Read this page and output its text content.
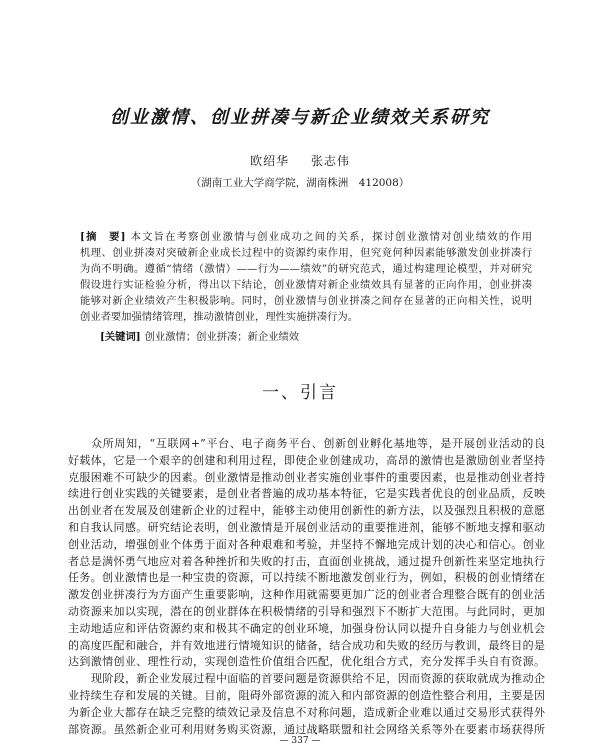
创业激情、创业拼凑与新企业绩效关系研究
欧绍华 张志伟
（湖南工业大学商学院，湖南株洲　412008）
[摘　要] 本文旨在考察创业激情与创业成功之间的关系，探讨创业激情对创业绩效的作用
机理、创业拼凑对突破新企业成长过程中的资源约束作用，但究竟何种因素能够激发创业拼凑行
为尚不明确。遵循“情绪（激情）——行为——绩效”的研究范式，通过构建理论模型，并对研究
假设进行实证检验分析，得出以下结论，创业激情对新企业绩效具有显著的正向作用，创业拼凑
能够对新企业绩效产生积极影响。同时，创业激情与创业拼凑之间存在显著的正向相关性，说明
创业者要加强情绪管理，推动激情创业，理性实施拼凑行为。
[关键词] 创业激情；创业拼凑；新企业绩效
一、引言
众所周知，“互联网+”平台、电子商务平台、创新创业孵化基地等，是开展创业活动的良
好载体，它是一个艰辛的创建和利用过程，即使企业创建成功，高昂的激情也是激励创业者坚持
克服困难不可缺少的因素。创业激情是推动创业者实施创业事件的重要因素，也是推动创业者持
续进行创业实践的关键要素，是创业者普遍的成功基本特征，它是实践者优良的创业品质，反映
出创业者在发展及创建新企业的过程中，能够主动使用创新性的新方法，以及强烈且积极的意愿
和自我认同感。研究结论表明，创业激情是开展创业活动的重要推进剂，能够不断地支撑和驱动
创业活动，增强创业个体勇于面对各种艰难和考验，并坚持不懈地完成计划的决心和信心。创业
者总是满怀勇气地应对着各种挫折和失败的打击，直面创业挑战，通过提升创新性来坚定地执行
任务。创业激情也是一种宝贵的资源，可以持续不断地激发创业行为，例如，积极的创业情绪在
激发创业拼凑行为方面产生重要影响，这种作用就需要更加广泛的创业者合理整合既有的创业活
动资源来加以实现，潜在的创业群体在积极情绪的引导和强烈下不断扩大范围。与此同时，更加
主动地适应和评估资源约束和极其不确定的创业环境，加强身份认同以提升自身能力与创业机会
的高度匹配和融合，并有效地进行情境知识的储备，结合成功和失败的经历与教训，最终目的是
达到激情创业、理性行动，实现创造性价值组合匹配，优化组合方式，充分发挥手头自有资源。
现阶段，新企业发展过程中面临的首要问题是资源供给不足，因而资源的获取就成为推动企
业持续生存和发展的关键。目前，阻碍外部资源的流入和内部资源的创造性整合利用，主要是因
为新企业大都存在缺乏完整的绩效记录及信息不对称问题，造成新企业难以通过交易形式获得外
部资源。虽然新企业可利用财务购买资源，通过战略联盟和社会网络关系等外在要素市场获得所
— 337 —
